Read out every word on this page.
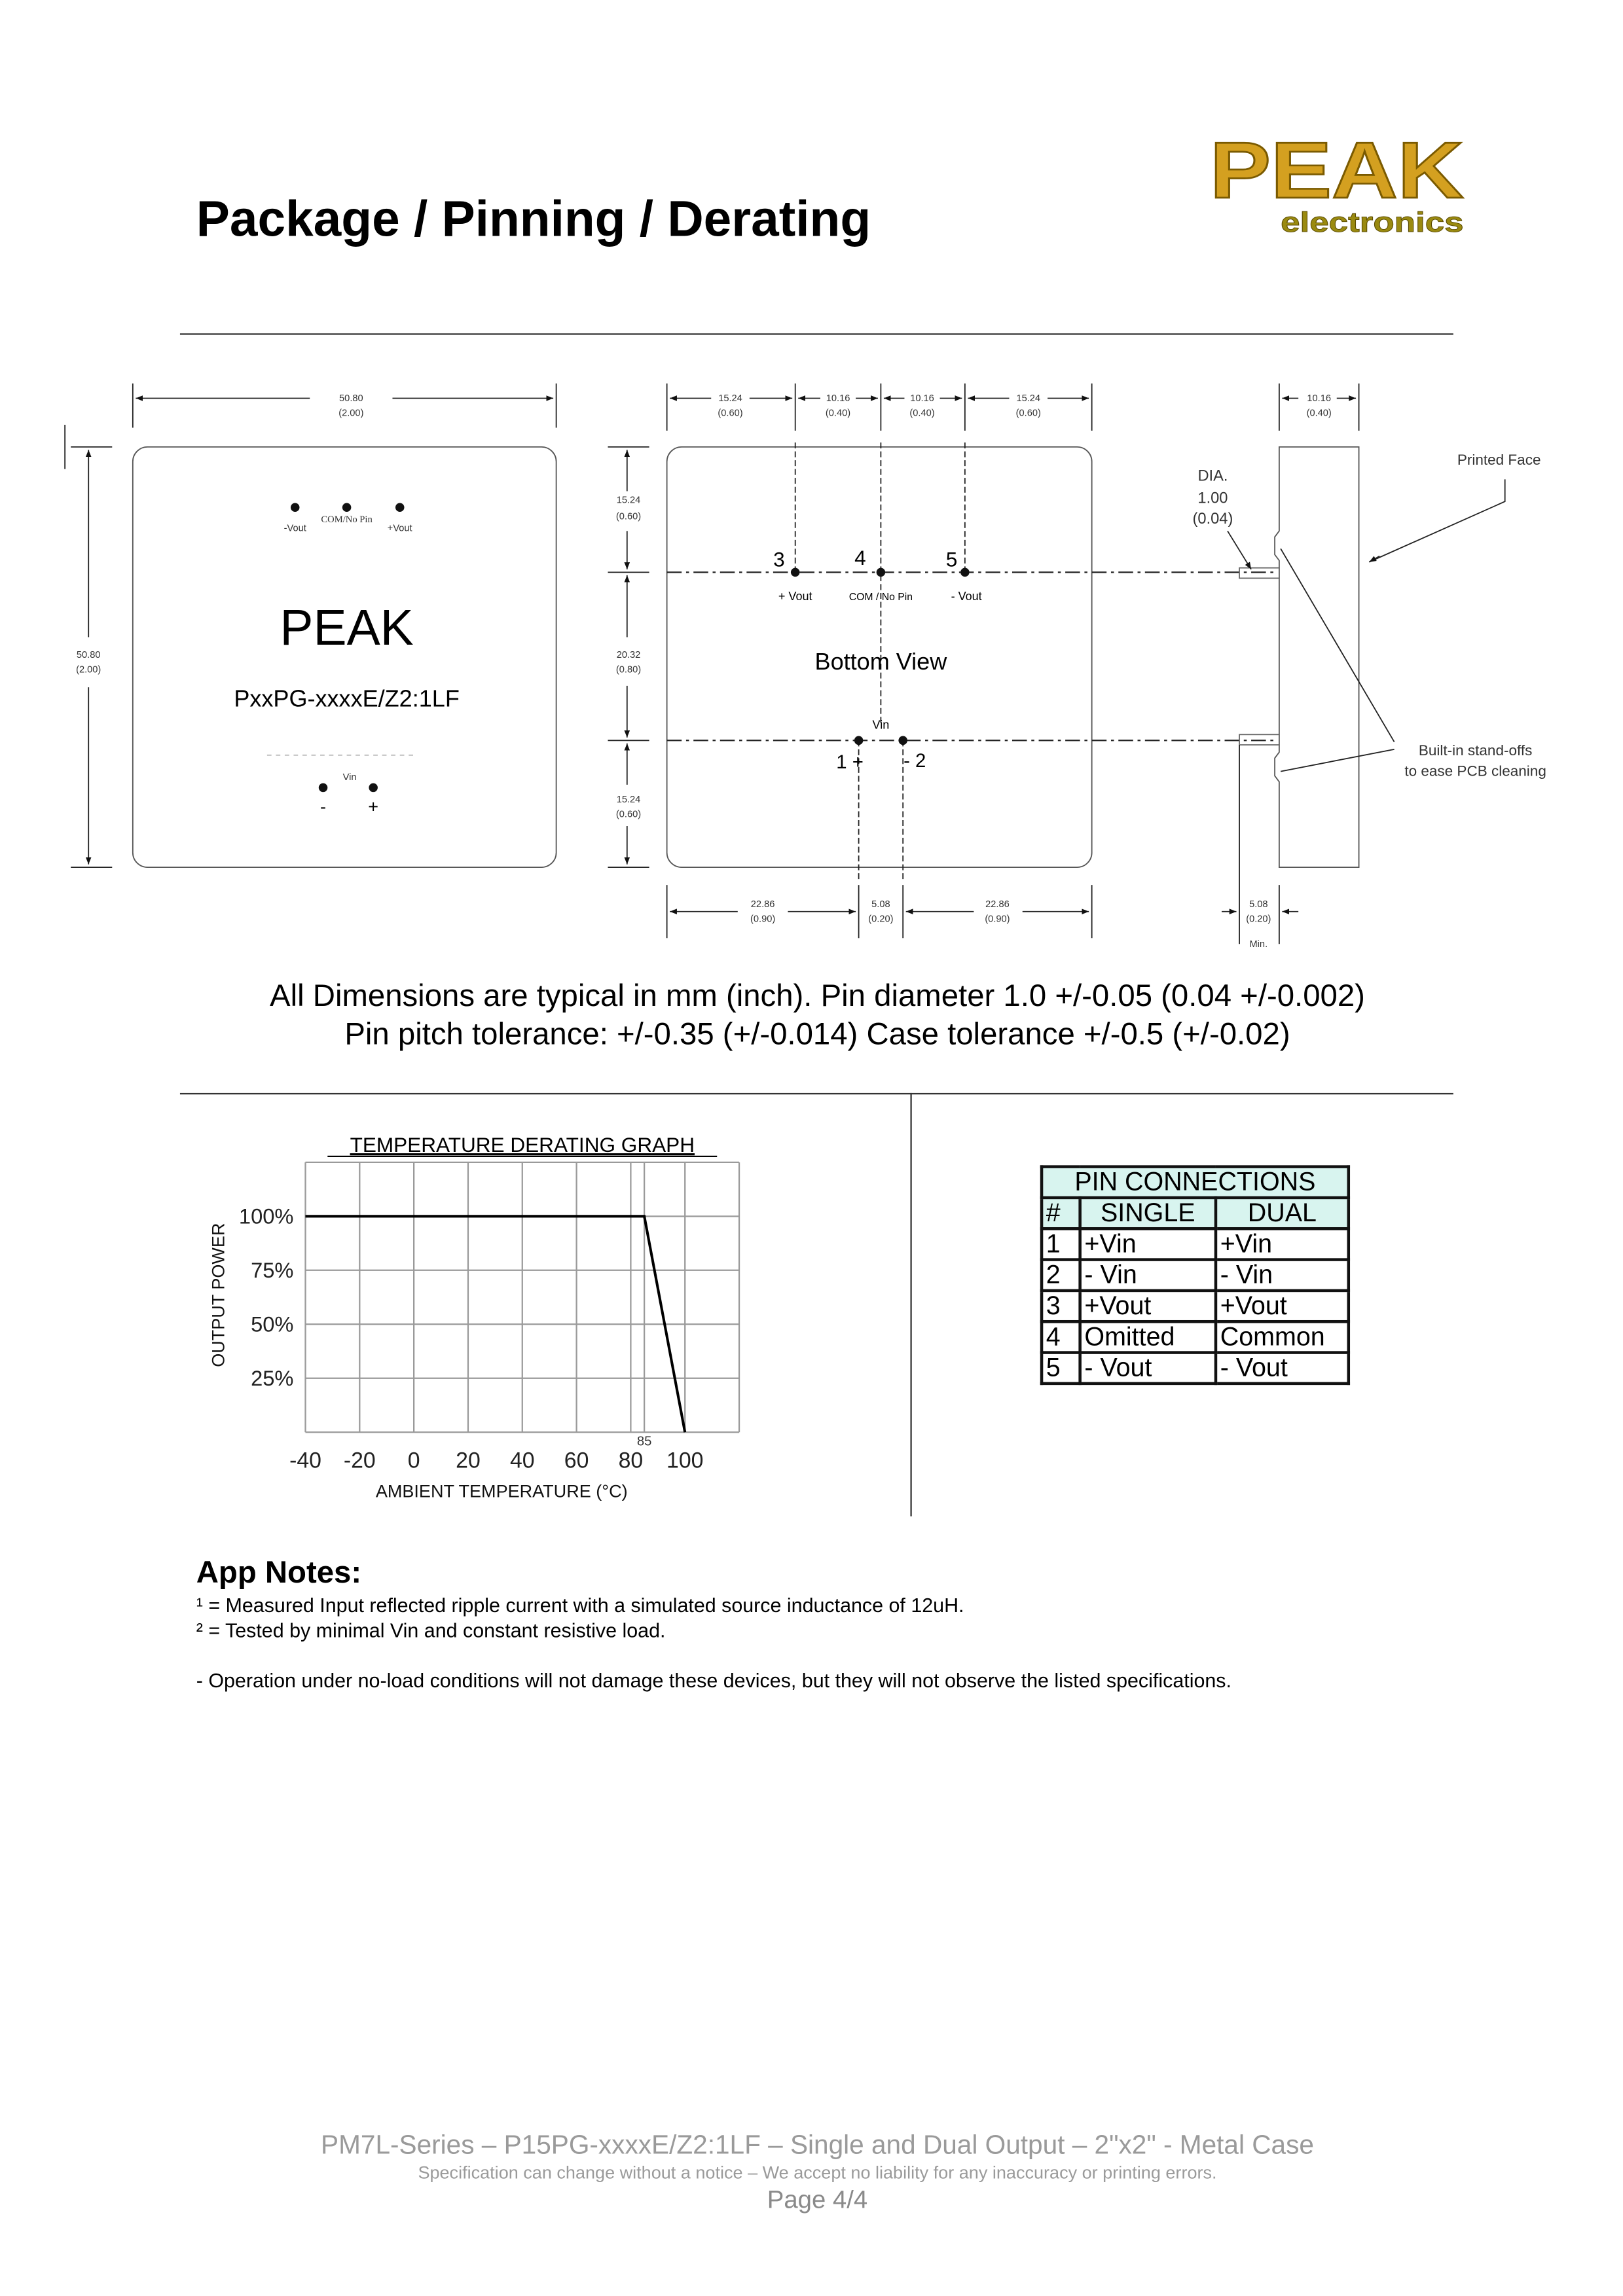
Package / Pinning / Derating
PEAK
electronics
50.80
(2.00)
50.80
(2.00)
-Vout
COM/No Pin
+Vout
PEAK
PxxPG-xxxxE/Z2:1LF
Vin
-	+
15.24
(0.60)
20.32
(0.80)
15.24
(0.60)
15.24
(0.60)
10.16
(0.40)
10.16
(0.40)
15.24
(0.60)
3	4	5
+ Vout	COM / No Pin	- Vout
Bottom View
Vin
1 +	- 2
22.86
(0.90)
5.08
(0.20)
22.86
(0.90)
10.16
(0.40)
DIA.
1.00
(0.04)
Printed Face
Built-in stand-offs
to ease PCB cleaning
5.08
(0.20)
Min.
All Dimensions are typical in mm (inch). Pin diameter 1.0 +/-0.05 (0.04 +/-0.002)
Pin pitch tolerance: +/-0.35 (+/-0.014) Case tolerance +/-0.5 (+/-0.02)
TEMPERATURE DERATING GRAPH
-40 -20	0	20	40	60	80 100
100%
75%
50%
25%
85
OUTPUT POWER
AMBIENT TEMPERATURE (°C)
PIN CONNECTIONS		
#	SINGLE	DUAL
1	+Vin	+Vin
2	- Vin	- Vin
3	+Vout	+Vout
4	Omitted	Common
5	- Vout	- Vout
App Notes:
¹ = Measured Input reflected ripple current with a simulated source inductance of 12uH.
² = Tested by minimal Vin and constant resistive load.
- Operation under no-load conditions will not damage these devices, but they will not observe the listed specifications.
PM7L-Series – P15PG-xxxxE/Z2:1LF – Single and Dual Output – 2"x2" - Metal Case
Specification can change without a notice – We accept no liability for any inaccuracy or printing errors.
Page 4/4
